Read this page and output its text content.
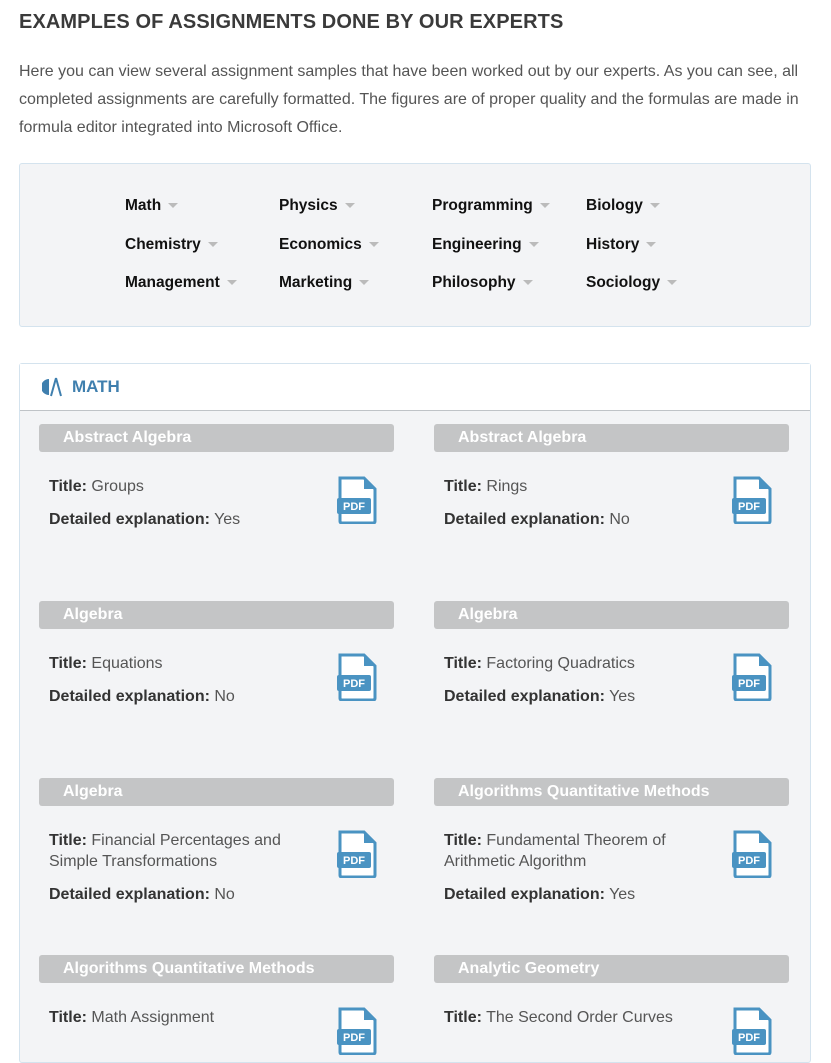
EXAMPLES OF ASSIGNMENTS DONE BY OUR EXPERTS

Here you can view several assignment samples that have been worked out by our experts. As you can see, all completed assignments are carefully formatted. The figures are of proper quality and the formulas are made in formula editor integrated into Microsoft Office.

Math	Physics	Programming	Biology
Chemistry	Economics	Engineering	History
Management	Marketing	Philosophy	Sociology
MATH
Abstract Algebra
Title: Groups
Detailed explanation: Yes
PDF
Abstract Algebra
Title: Rings
Detailed explanation: No
PDF
Algebra
Title: Equations
Detailed explanation: No
PDF
Algebra
Title: Factoring Quadratics
Detailed explanation: Yes
PDF
Algebra
Title: Financial Percentages and Simple Transformations
Detailed explanation: No
PDF
Algorithms Quantitative Methods
Title: Fundamental Theorem of Arithmetic Algorithm
Detailed explanation: Yes
PDF
Algorithms Quantitative Methods
Title: Math Assignment
PDF
Analytic Geometry
Title: The Second Order Curves
PDF
